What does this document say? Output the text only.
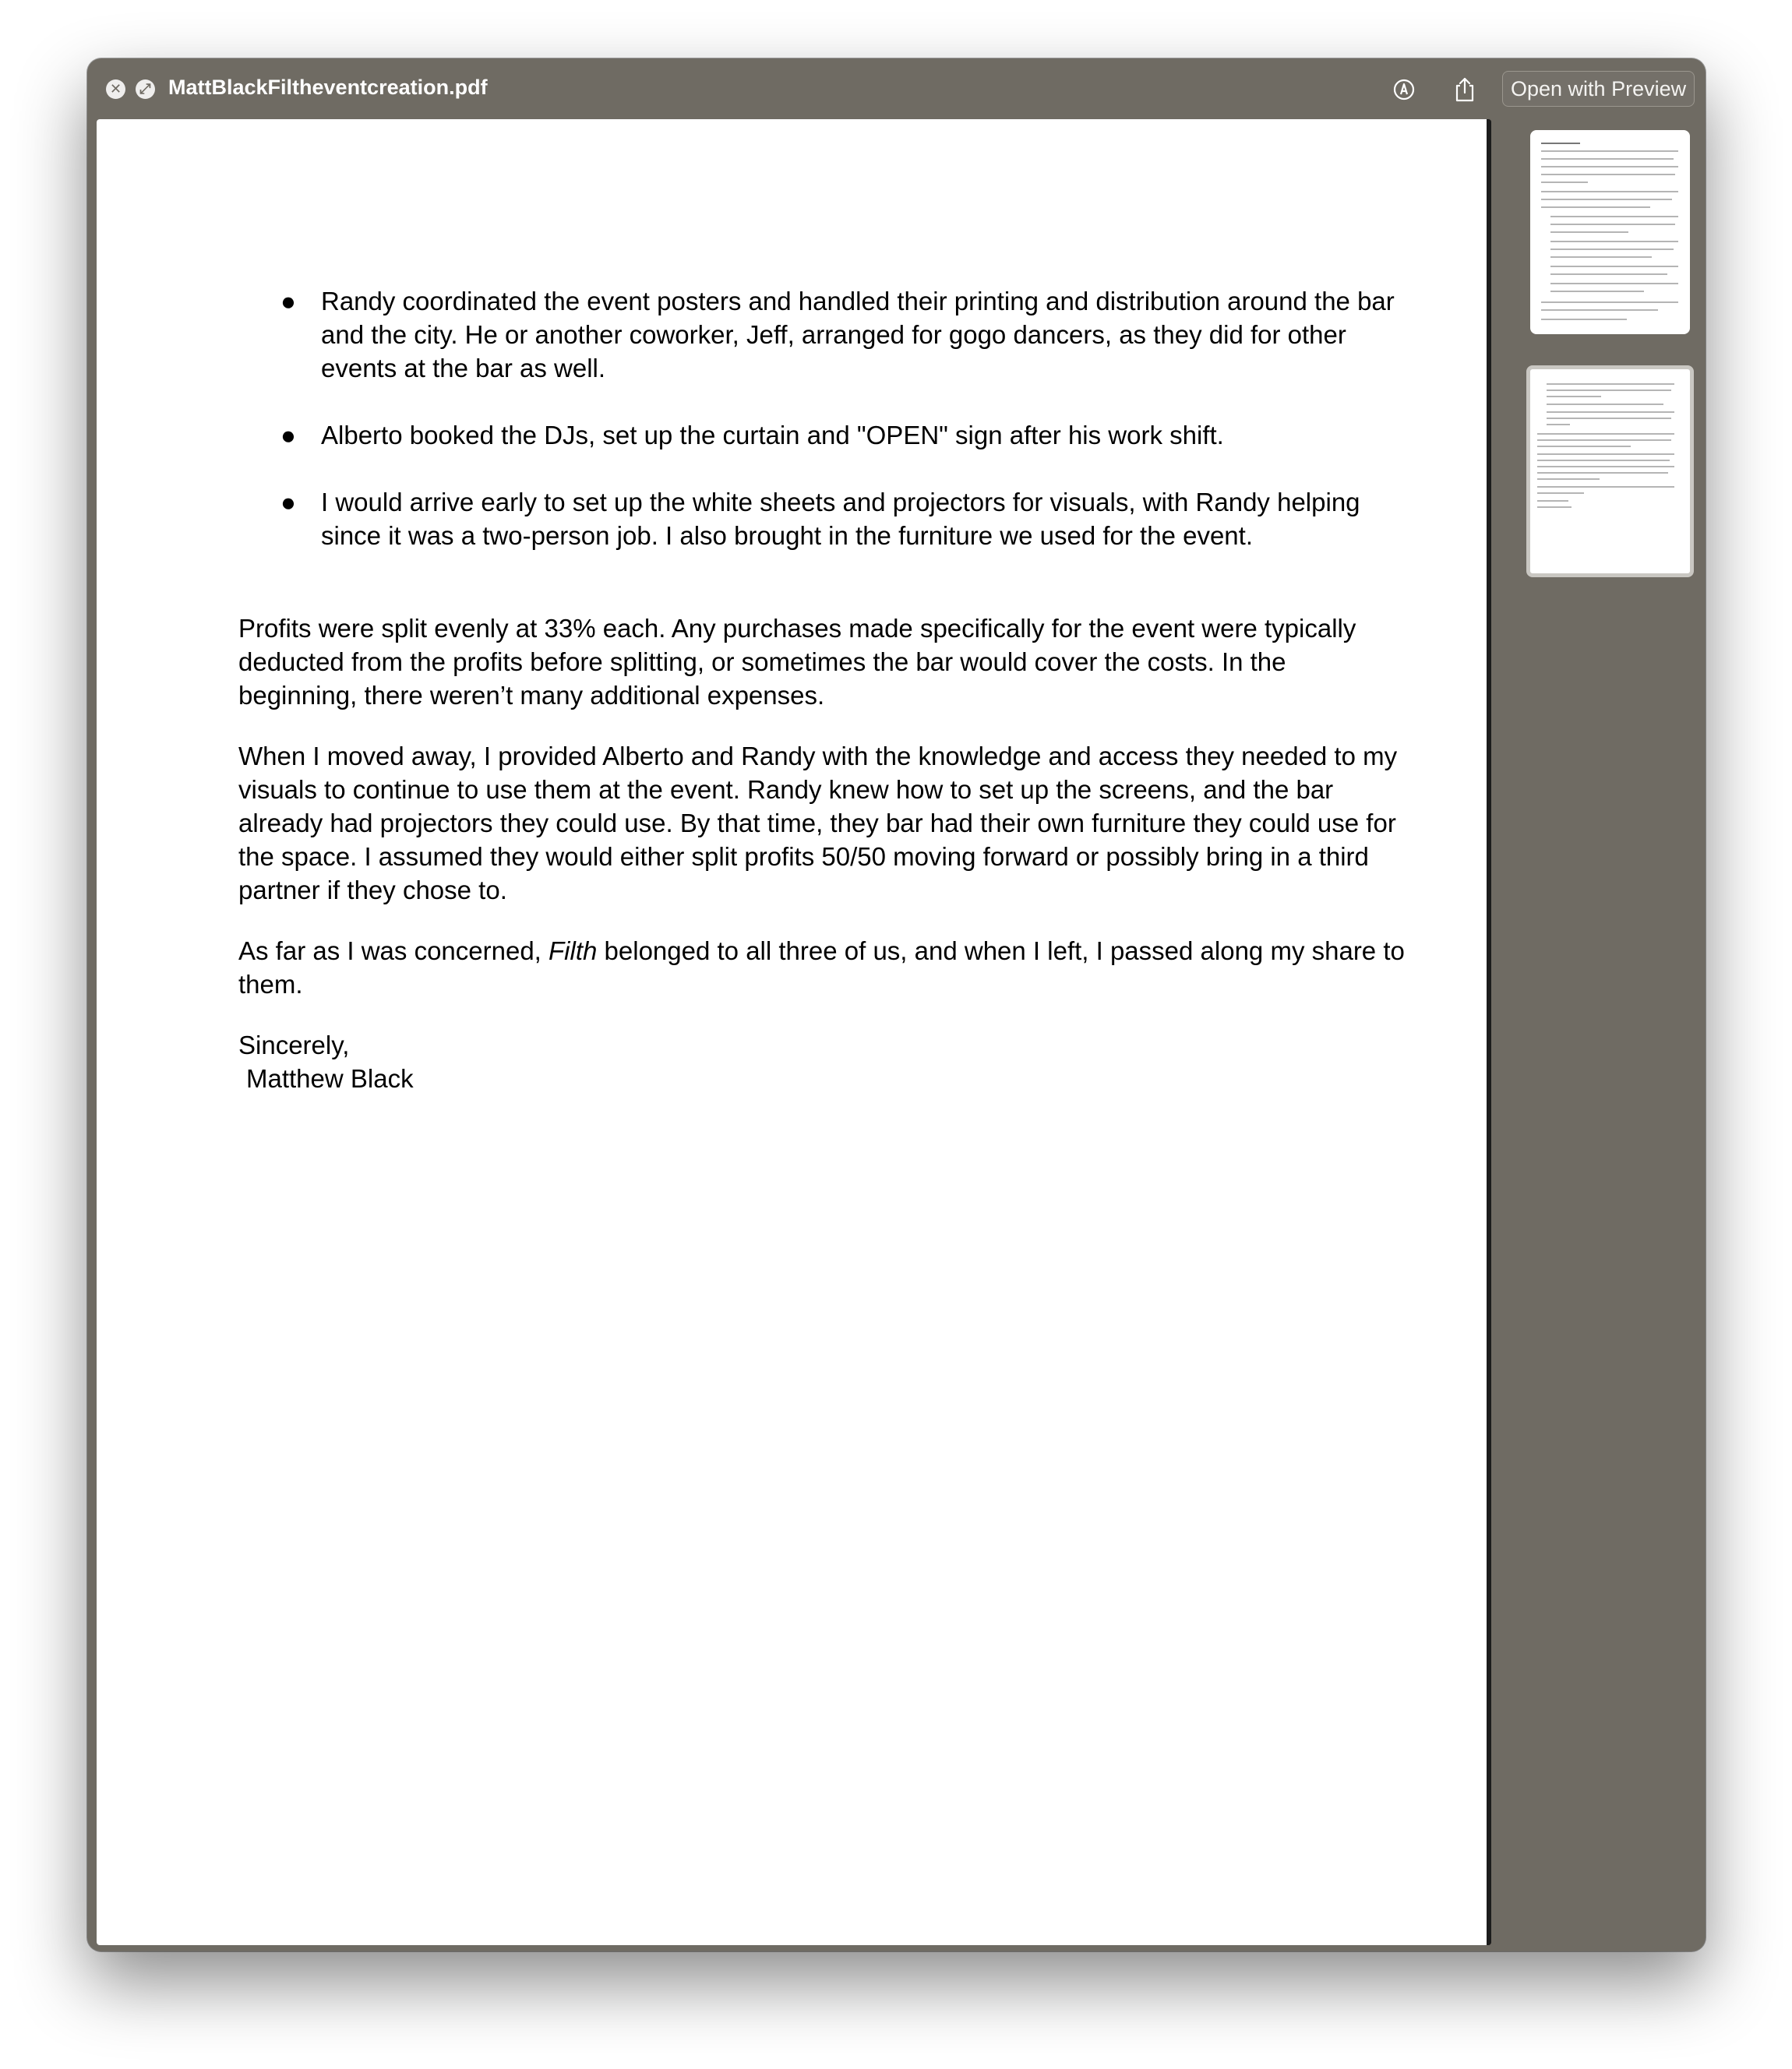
✕ ⤢ MattBlackFiltheventcreation.pdf	Open with Preview
● Randy coordinated the event posters and handled their printing and distribution around the bar and the city. He or another coworker, Jeff, arranged for gogo dancers, as they did for other events at the bar as well.
● Alberto booked the DJs, set up the curtain and "OPEN" sign after his work shift.
● I would arrive early to set up the white sheets and projectors for visuals, with Randy helping since it was a two-person job. I also brought in the furniture we used for the event.

Profits were split evenly at 33% each. Any purchases made specifically for the event were typically deducted from the profits before splitting, or sometimes the bar would cover the costs. In the beginning, there weren’t many additional expenses.

When I moved away, I provided Alberto and Randy with the knowledge and access they needed to my visuals to continue to use them at the event. Randy knew how to set up the screens, and the bar already had projectors they could use. By that time, they bar had their own furniture they could use for the space. I assumed they would either split profits 50/50 moving forward or possibly bring in a third partner if they chose to.

As far as I was concerned, Filth belonged to all three of us, and when I left, I passed along my share to them.

Sincerely,

Matthew Black
